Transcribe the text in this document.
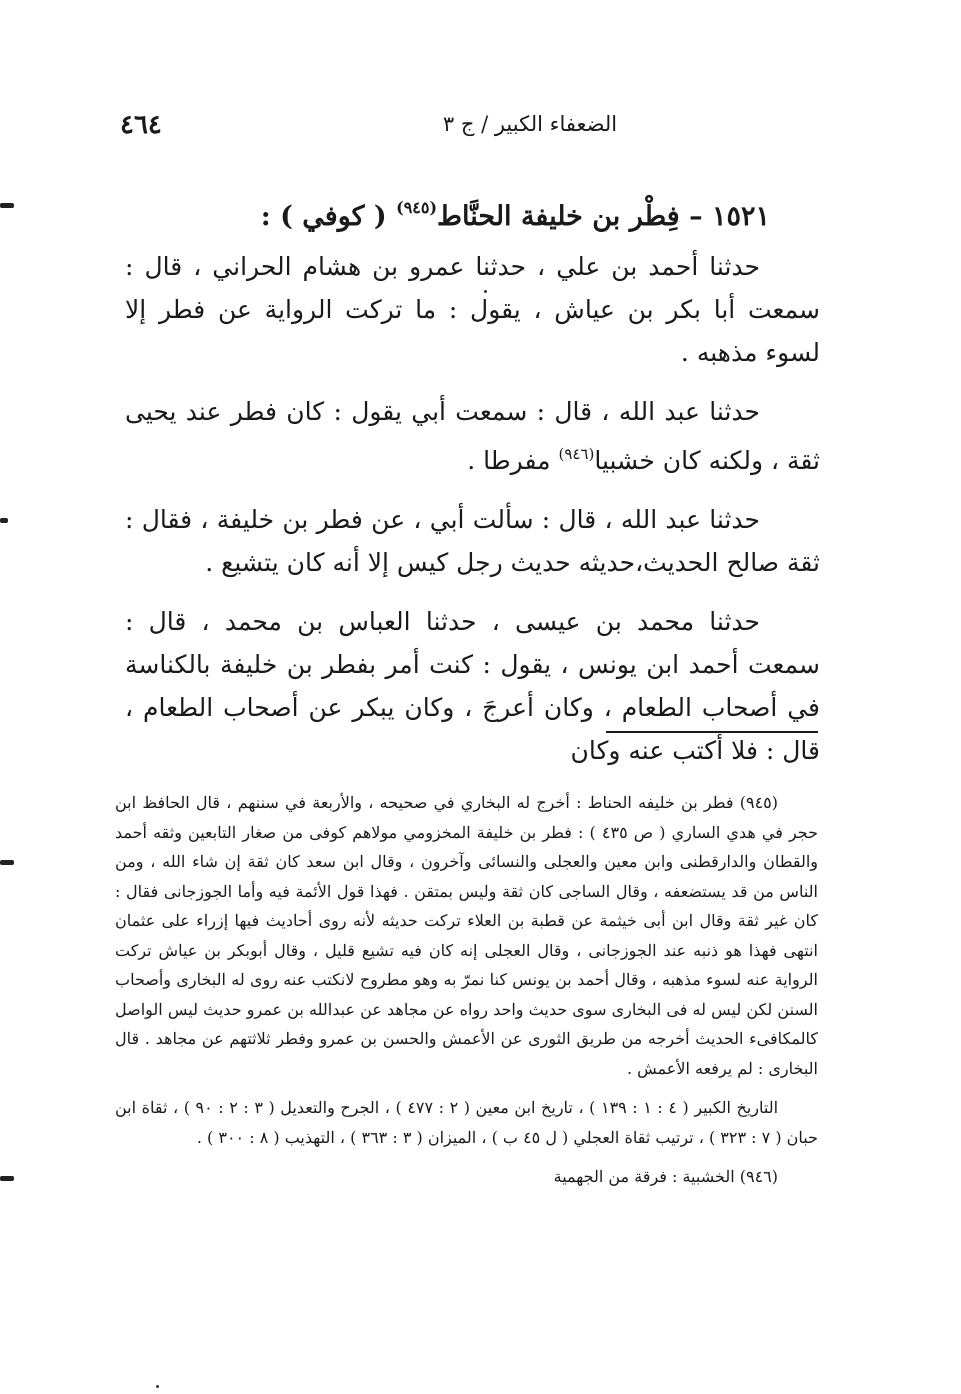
٤٦٤	الضعفاء الكبير / ج ٣
١٥٢١ – فِطْر بن خليفة الحنَّاط$^{(٩٤٥)}$ ( كوفي ) :

حدثنا أحمد بن علي ، حدثنا عمرو بن هشام الحراني ، قال : سمعت أبا بكر بن عياش ، يقول : ما تركت الرواية عن فطر إلا لسوء مذهبه .

حدثنا عبد الله ، قال : سمعت أبي يقول : كان فطر عند يحيى ثقة ، ولكنه كان خشبيا$^{(٩٤٦)}$ مفرطا .

حدثنا عبد الله ، قال : سألت أبي ، عن فطر بن خليفة ، فقال : ثقة صالح الحديث،حديثه حديث رجل كيس إلا أنه كان يتشيع .

حدثنا محمد بن عيسى ، حدثنا العباس بن محمد ، قال : سمعت أحمد ابن يونس ، يقول : كنت أمر بفطر بن خليفة بالكناسة في أصحاب الطعام ، وكان أعرجَ ، وكان يبكر عن أصحاب الطعام ، قال : فلا أكتب عنه وكان

(٩٤٥) فطر بن خليفه الحناط : أخرج له البخاري في صحيحه ، والأربعة في سننهم ، قال الحافظ ابن حجر في هدي الساري ( ص ٤٣٥ ) : فطر بن خليفة المخزومي مولاهم كوفى من صغار التابعين وثقه أحمد والقطان والدارقطنى وابن معين والعجلى والنسائى وآخرون ، وقال ابن سعد كان ثقة إن شاء الله ، ومن الناس من قد يستضعفه ، وقال الساجى كان ثقة وليس بمتقن . فهذا قول الأئمة فيه وأما الجوزجانى فقال : كان غير ثقة وقال ابن أبى خيثمة عن قطبة بن العلاء تركت حديثه لأنه روى أحاديث فيها إزراء على عثمان انتهى فهذا هو ذنبه عند الجوزجانى ، وقال العجلى إنه كان فيه تشيع قليل ، وقال أبوبكر بن عياش تركت الرواية عنه لسوء مذهبه ، وقال أحمد بن يونس كنا نمرّ به وهو مطروح لانكتب عنه روى له البخارى وأصحاب السنن لكن ليس له فى البخارى سوى حديث واحد رواه عن مجاهد عن عبدالله بن عمرو حديث ليس الواصل كالمكافىء الحديث أخرجه من طريق الثورى عن الأعمش والحسن بن عمرو وفطر ثلاثتهم عن مجاهد . قال البخارى : لم يرفعه الأعمش .

التاريخ الكبير ( ٤ : ١ : ١٣٩ ) ، تاريخ ابن معين ( ٢ : ٤٧٧ ) ، الجرح والتعديل ( ٣ : ٢ : ٩٠ ) ، ثقاة ابن حبان ( ٧ : ٣٢٣ ) ، ترتيب ثقاة العجلي ( ل ٤٥ ب ) ، الميزان ( ٣ : ٣٦٣ ) ، التهذيب ( ٨ : ٣٠٠ ) .

(٩٤٦) الخشبية : فرقة من الجهمية
